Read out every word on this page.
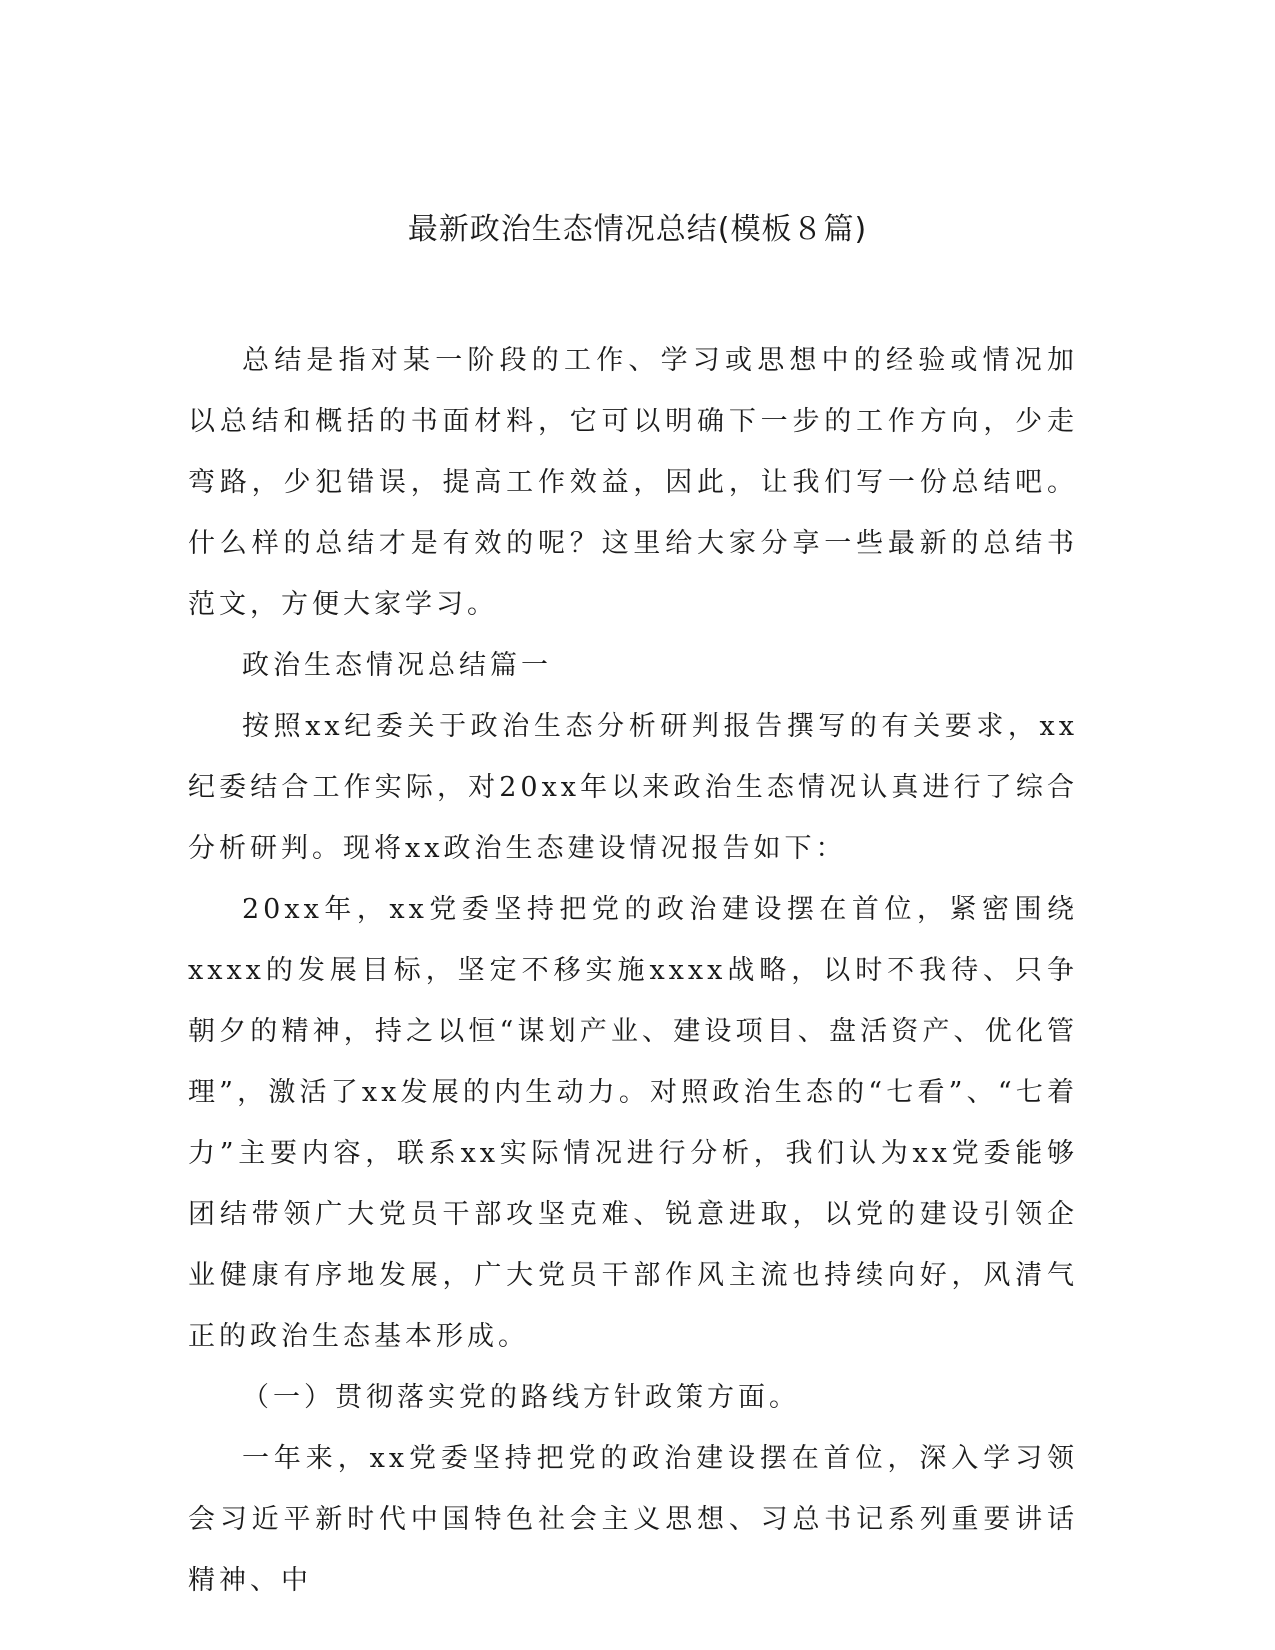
最新政治生态情况总结(模板８篇)

总结是指对某一阶段的工作、学习或思想中的经验或情况加以总结和概括的书面材料，它可以明确下一步的工作方向，少走弯路，少犯错误，提高工作效益，因此，让我们写一份总结吧。什么样的总结才是有效的呢？这里给大家分享一些最新的总结书范文，方便大家学习。

政治生态情况总结篇一

按照xx纪委关于政治生态分析研判报告撰写的有关要求，xx纪委结合工作实际，对20xx年以来政治生态情况认真进行了综合分析研判。现将xx政治生态建设情况报告如下：

20xx年，xx党委坚持把党的政治建设摆在首位，紧密围绕xxxx的发展目标，坚定不移实施xxxx战略，以时不我待、只争朝夕的精神，持之以恒“谋划产业、建设项目、盘活资产、优化管理”，激活了xx发展的内生动力。对照政治生态的“七看”、“七着力”主要内容，联系xx实际情况进行分析，我们认为xx党委能够团结带领广大党员干部攻坚克难、锐意进取，以党的建设引领企业健康有序地发展，广大党员干部作风主流也持续向好，风清气正的政治生态基本形成。

（一）贯彻落实党的路线方针政策方面。

一年来，xx党委坚持把党的政治建设摆在首位，深入学习领会习近平新时代中国特色社会主义思想、习总书记系列重要讲话精神、中
